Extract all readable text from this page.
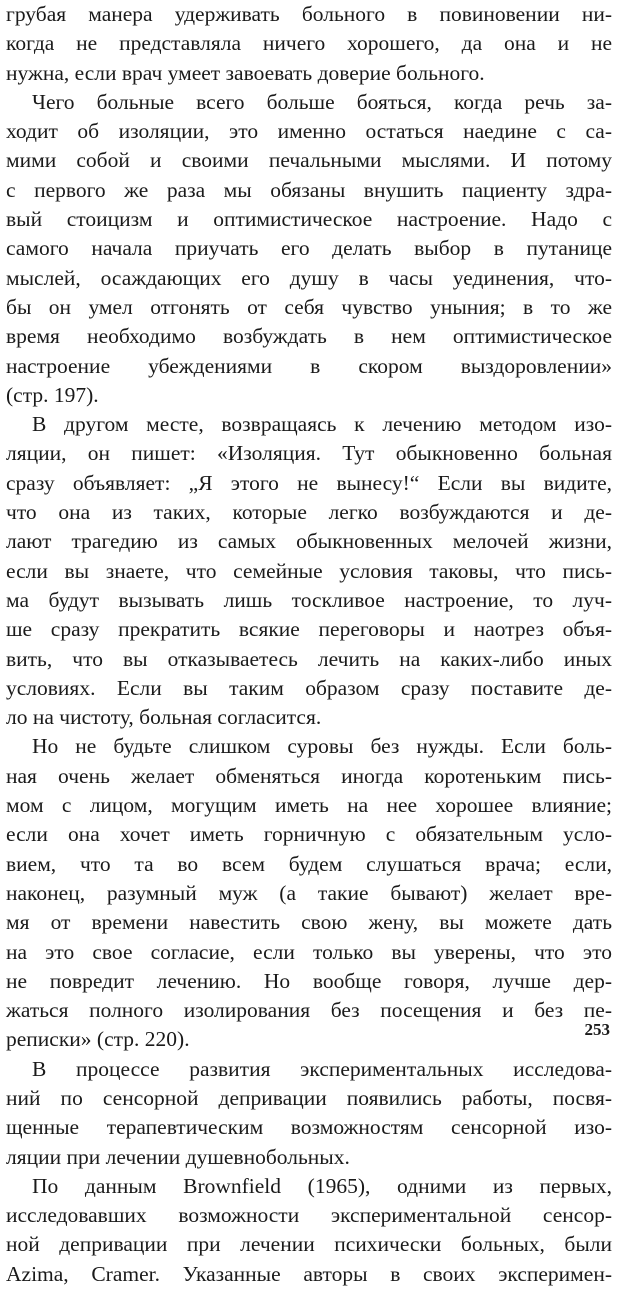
грубая манера удерживать больного в повиновении ни-
когда не представляла ничего хорошего, да она и не
нужна, если врач умеет завоевать доверие больного.
Чего больные всего больше бояться, когда речь за-
ходит об изоляции, это именно остаться наедине с са-
мими собой и своими печальными мыслями. И потому
с первого же раза мы обязаны внушить пациенту здра-
вый стоицизм и оптимистическое настроение. Надо с
самого начала приучать его делать выбор в путанице
мыслей, осаждающих его душу в часы уединения, что-
бы он умел отгонять от себя чувство уныния; в то же
время необходимо возбуждать в нем оптимистическое
настроение убеждениями в скором выздоровлении»
(стр. 197).
В другом месте, возвращаясь к лечению методом изо-
ляции, он пишет: «Изоляция. Тут обыкновенно больная
сразу объявляет: „Я этого не вынесу!“ Если вы видите,
что она из таких, которые легко возбуждаются и де-
лают трагедию из самых обыкновенных мелочей жизни,
если вы знаете, что семейные условия таковы, что пись-
ма будут вызывать лишь тоскливое настроение, то луч-
ше сразу прекратить всякие переговоры и наотрез объя-
вить, что вы отказываетесь лечить на каких-либо иных
условиях. Если вы таким образом сразу поставите де-
ло на чистоту, больная согласится.
Но не будьте слишком суровы без нужды. Если боль-
ная очень желает обменяться иногда коротеньким пись-
мом с лицом, могущим иметь на нее хорошее влияние;
если она хочет иметь горничную с обязательным усло-
вием, что та во всем будем слушаться врача; если,
наконец, разумный муж (а такие бывают) желает вре-
мя от времени навестить свою жену, вы можете дать
на это свое согласие, если только вы уверены, что это
не повредит лечению. Но вообще говоря, лучше дер-
жаться полного изолирования без посещения и без пе-
реписки» (стр. 220).
В процессе развития экспериментальных исследова-
ний по сенсорной депривации появились работы, посвя-
щенные терапевтическим возможностям сенсорной изо-
ляции при лечении душевнобольных.
По данным Brownfield (1965), одними из первых,
исследовавших возможности экспериментальной сенсор-
ной депривации при лечении психически больных, были
Azima, Cramer. Указанные авторы в своих эксперимен-
253
